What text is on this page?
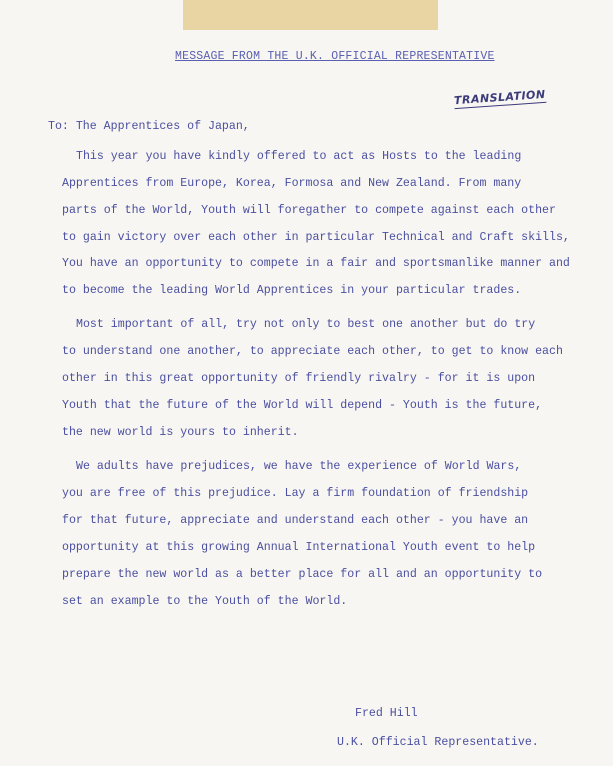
MESSAGE FROM THE U.K. OFFICIAL REPRESENTATIVE
TRANSLATION
To: The Apprentices of Japan,
This year you have kindly offered to act as Hosts to the leading
Apprentices from Europe, Korea, Formosa and New Zealand. From many
parts of the World, Youth will foregather to compete against each other
to gain victory over each other in particular Technical and Craft skills,
You have an opportunity to compete in a fair and sportsmanlike manner and
to become the leading World Apprentices in your particular trades.
Most important of all, try not only to best one another but do try
to understand one another, to appreciate each other, to get to know each
other in this great opportunity of friendly rivalry - for it is upon
Youth that the future of the World will depend - Youth is the future,
the new world is yours to inherit.
We adults have prejudices, we have the experience of World Wars,
you are free of this prejudice. Lay a firm foundation of friendship
for that future, appreciate and understand each other - you have an
opportunity at this growing Annual International Youth event to help
prepare the new world as a better place for all and an opportunity to
set an example to the Youth of the World.
Fred Hill
U.K. Official Representative.
